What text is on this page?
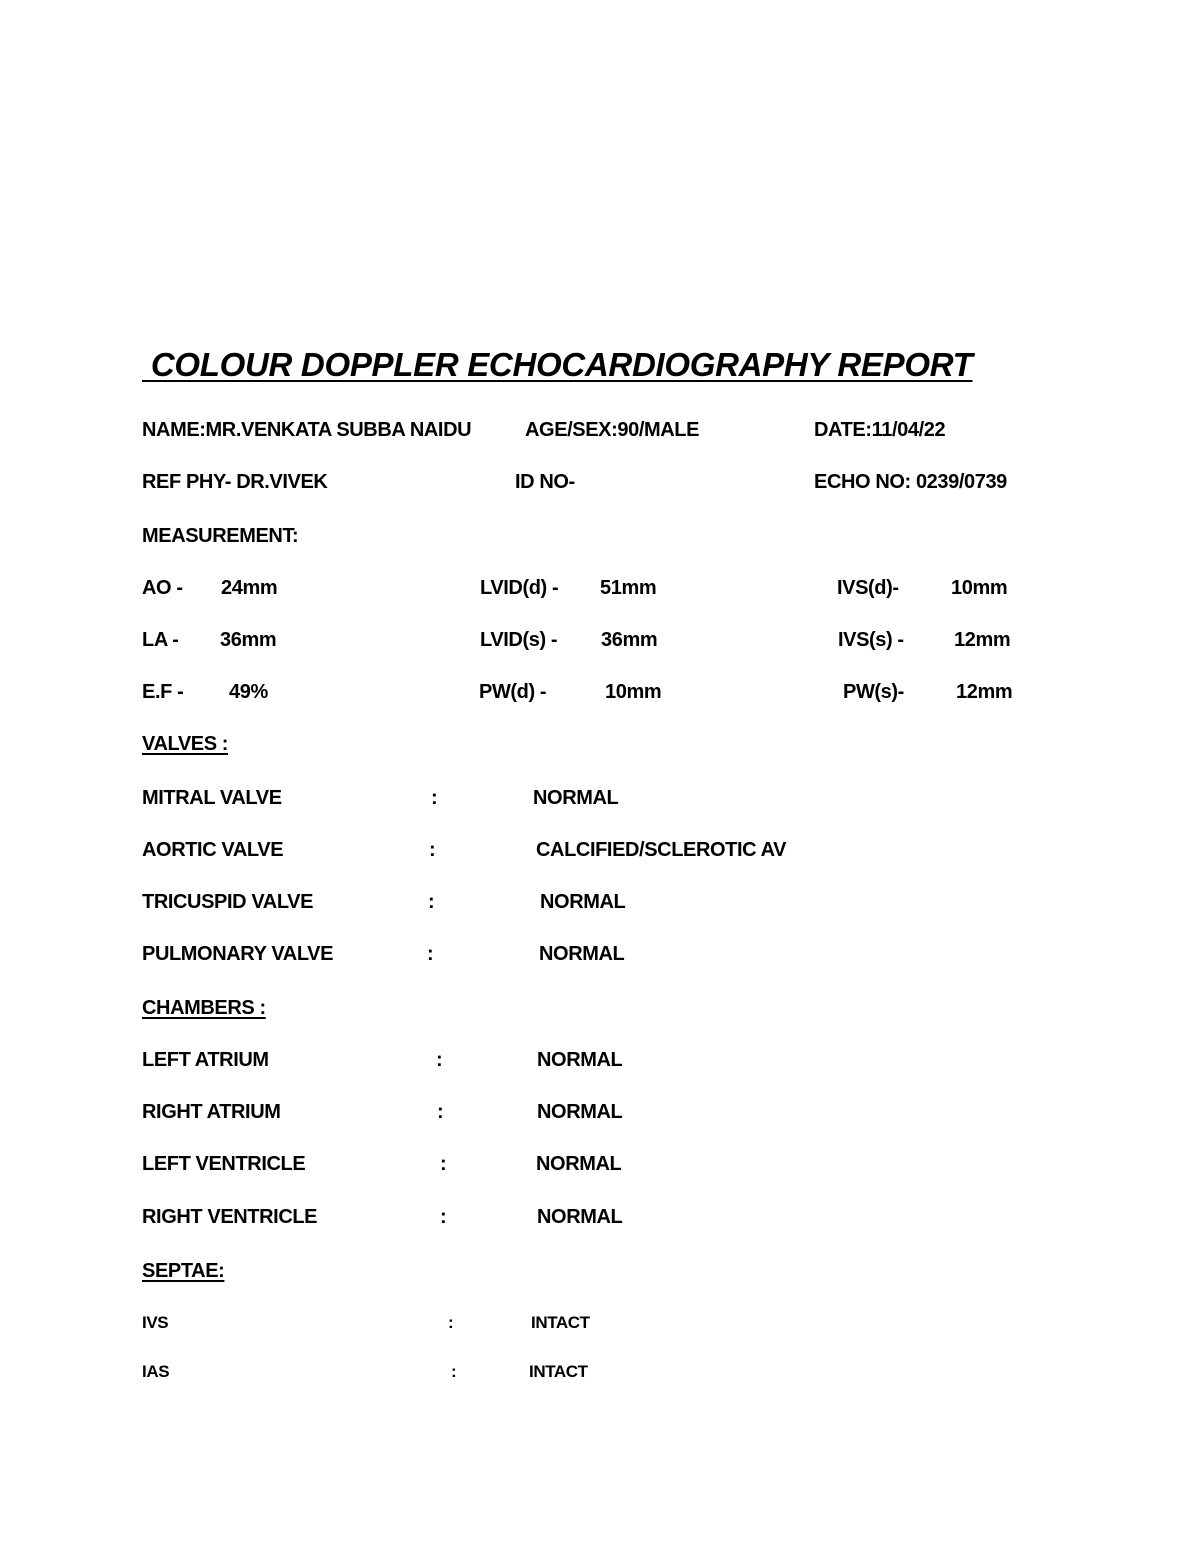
COLOUR DOPPLER ECHOCARDIOGRAPHY REPORT
NAME:MR.VENKATA SUBBA NAIDU	AGE/SEX:90/MALE	DATE:11/04/22
REF PHY- DR.VIVEK	ID NO-	ECHO NO: 0239/0739
MEASUREMENT:
AO - 24mm	LVID(d) - 51mm	IVS(d)-	10mm
LA - 36mm	LVID(s) - 36mm	IVS(s) -	12mm
E.F - 49%	PW(d) -	10mm	PW(s)-	12mm
VALVES :
MITRAL VALVE	:	NORMAL
AORTIC VALVE	:	CALCIFIED/SCLEROTIC AV
TRICUSPID VALVE	:	NORMAL
PULMONARY VALVE	:	NORMAL
CHAMBERS :
LEFT ATRIUM	:	NORMAL
RIGHT ATRIUM	:	NORMAL
LEFT VENTRICLE	:	NORMAL
RIGHT VENTRICLE	:	NORMAL
SEPTAE:
IVS	:	INTACT
IAS	:	INTACT
